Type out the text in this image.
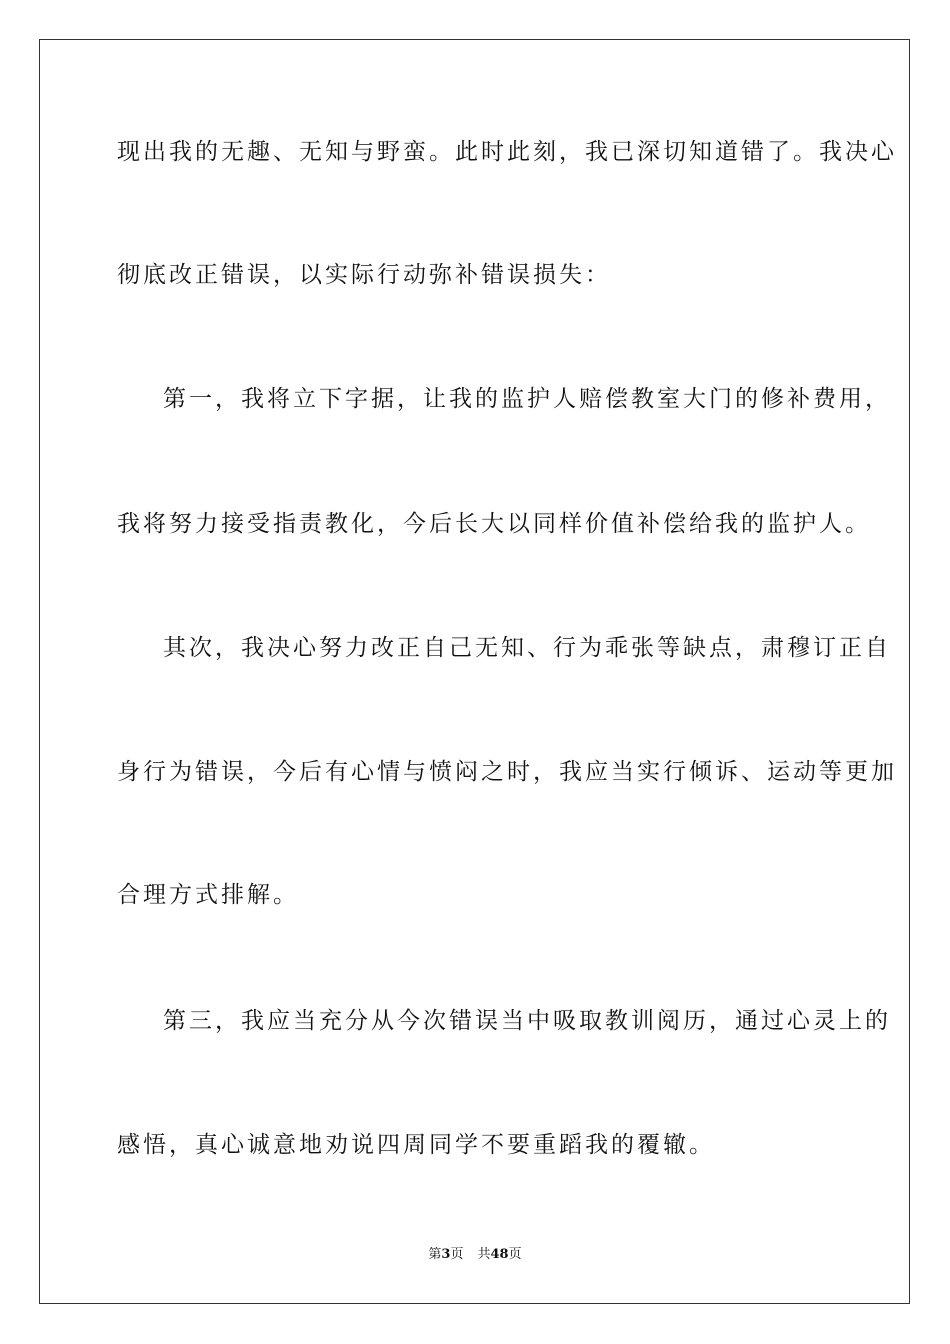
现出我的无趣、无知与野蛮。此时此刻，我已深切知道错了。我决心
彻底改正错误，以实际行动弥补错误损失：
第一，我将立下字据，让我的监护人赔偿教室大门的修补费用，
我将努力接受指责教化，今后长大以同样价值补偿给我的监护人。
其次，我决心努力改正自己无知、行为乖张等缺点，肃穆订正自
身行为错误，今后有心情与愤闷之时，我应当实行倾诉、运动等更加
合理方式排解。
第三，我应当充分从今次错误当中吸取教训阅历，通过心灵上的
感悟，真心诚意地劝说四周同学不要重蹈我的覆辙。
第3页 共48页
